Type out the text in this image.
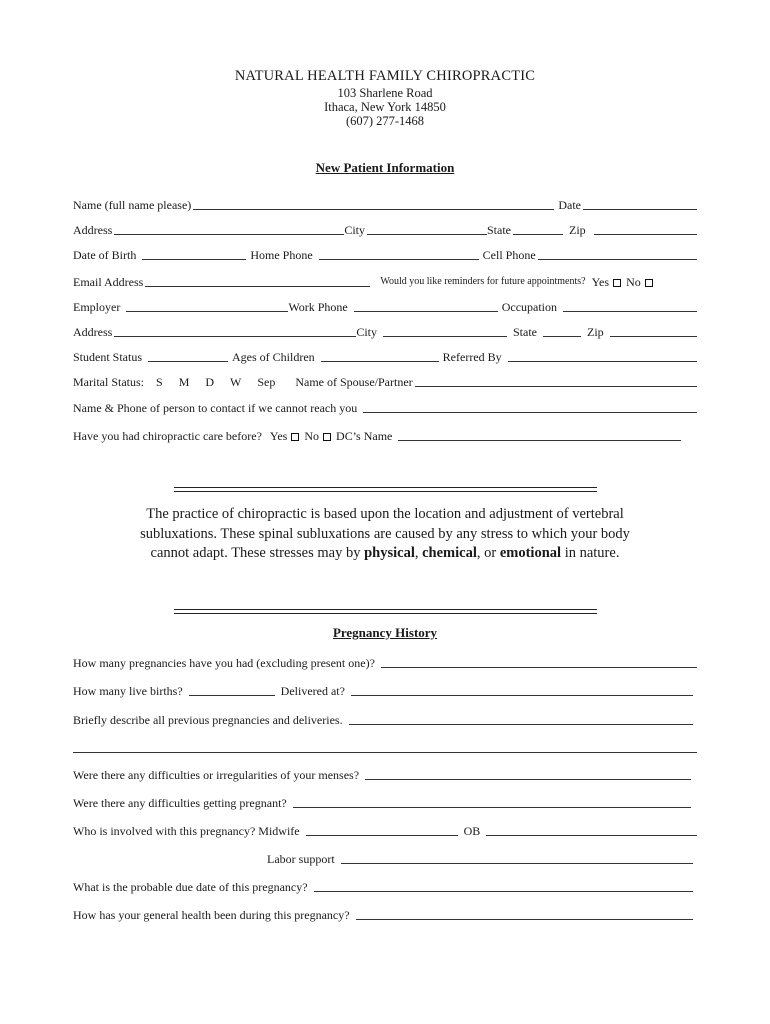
NATURAL HEALTH FAMILY CHIROPRACTIC
103 Sharlene Road
Ithaca, New York 14850
(607) 277-1468
New Patient Information
Name (full name please)	Date
Address	City	State	Zip
Date of Birth	Home Phone	Cell Phone
Email Address	Would you like reminders for future appointments? Yes No
Employer	Work Phone	Occupation
Address	City	State	Zip
Student Status	Ages of Children	Referred By
Marital Status: S M D W Sep Name of Spouse/Partner
Name & Phone of person to contact if we cannot reach you
Have you had chiropractic care before? Yes No DC’s Name
The practice of chiropractic is based upon the location and adjustment of vertebral subluxations. These spinal subluxations are caused by any stress to which your body cannot adapt. These stresses may by physical, chemical, or emotional in nature.
Pregnancy History
How many pregnancies have you had (excluding present one)?
How many live births?	Delivered at?
Briefly describe all previous pregnancies and deliveries.
Were there any difficulties or irregularities of your menses?
Were there any difficulties getting pregnant?
Who is involved with this pregnancy? Midwife	OB
Labor support
What is the probable due date of this pregnancy?
How has your general health been during this pregnancy?
